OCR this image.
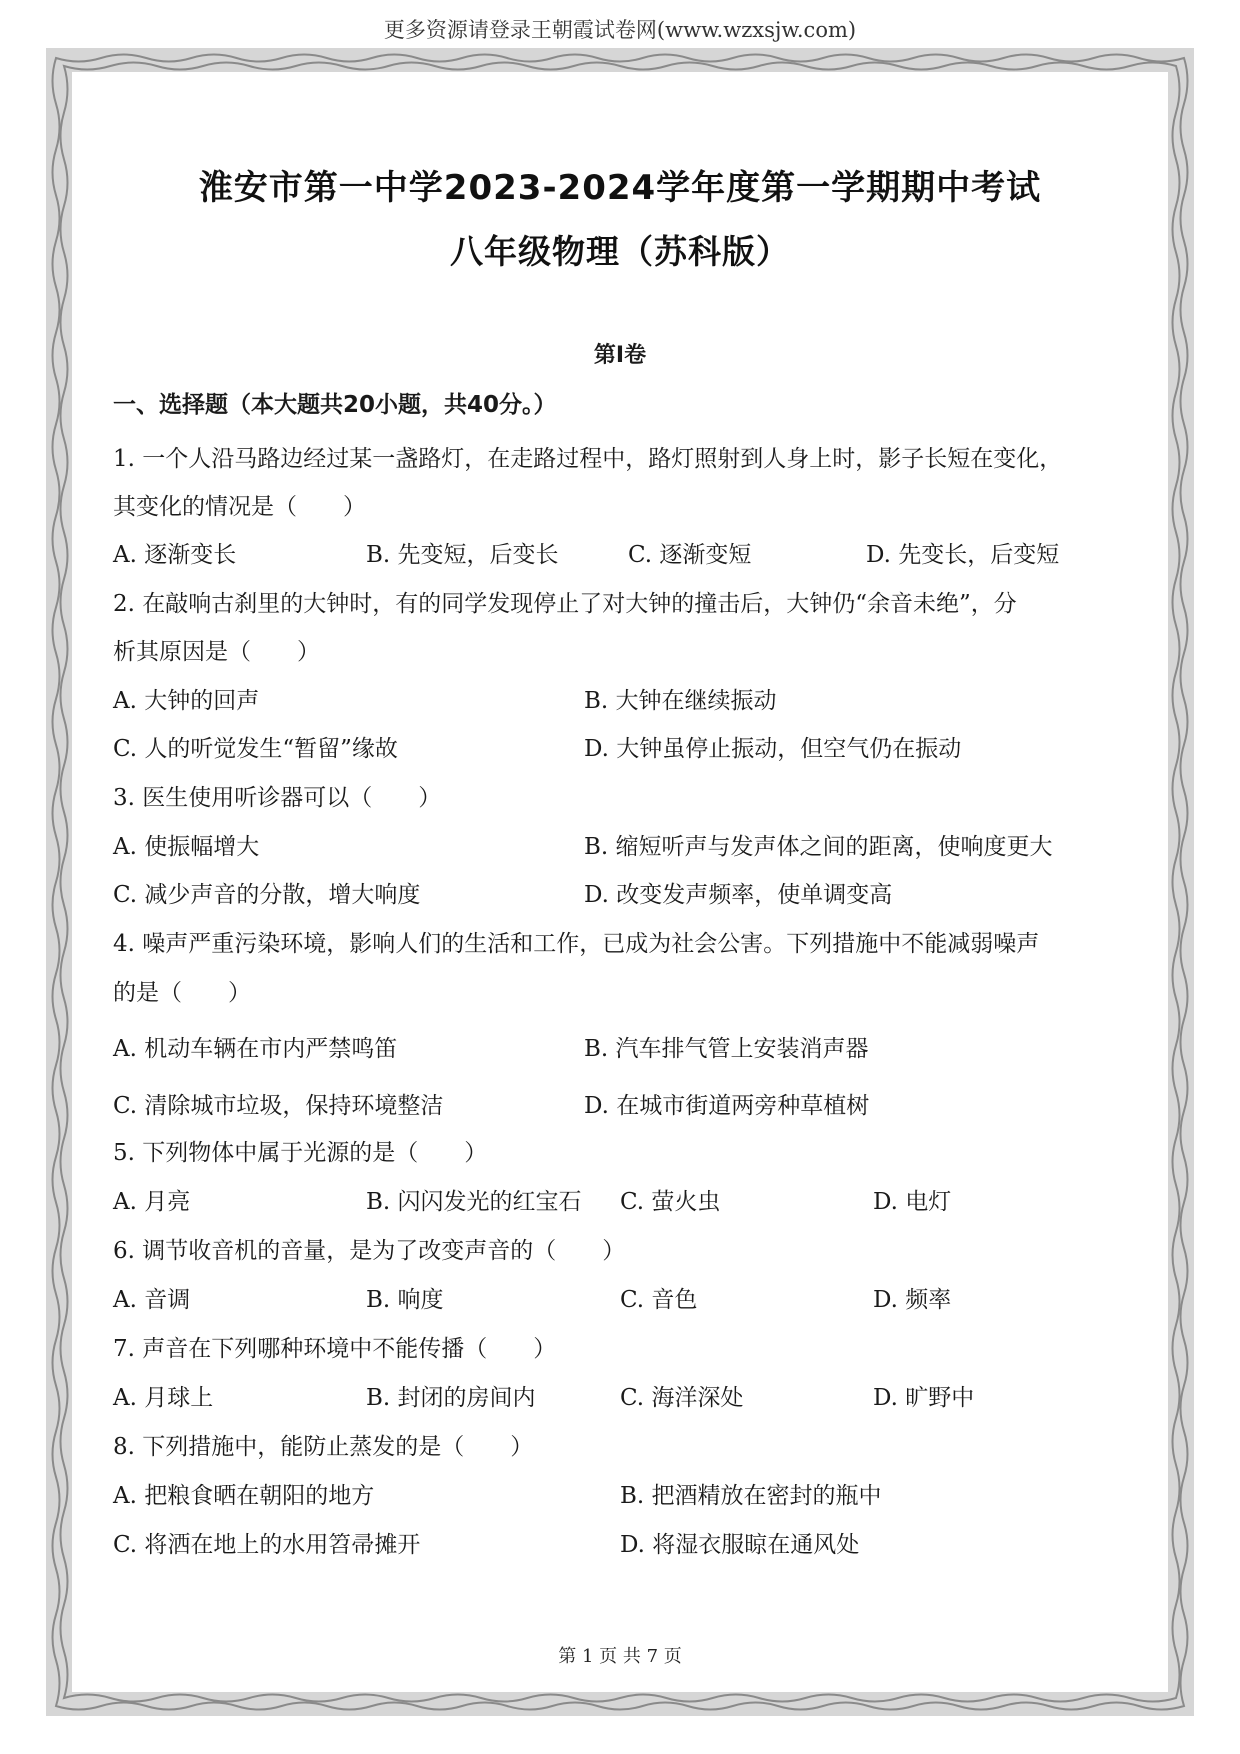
更多资源请登录王朝霞试卷网(www.wzxsjw.com)
淮安市第一中学2023-2024学年度第一学期期中考试
八年级物理（苏科版）
第Ⅰ卷
一、选择题（本大题共20小题，共40分。）
1. 一个人沿马路边经过某一盏路灯，在走路过程中，路灯照射到人身上时，影子长短在变化，
其变化的情况是（　　）
A. 逐渐变长	B. 先变短，后变长	C. 逐渐变短	D. 先变长，后变短
2. 在敲响古刹里的大钟时，有的同学发现停止了对大钟的撞击后，大钟仍“余音未绝”，分
析其原因是（　　）
A. 大钟的回声	B. 大钟在继续振动
C. 人的听觉发生“暂留”缘故	D. 大钟虽停止振动，但空气仍在振动
3. 医生使用听诊器可以（　　）
A. 使振幅增大	B. 缩短听声与发声体之间的距离，使响度更大
C. 减少声音的分散，增大响度	D. 改变发声频率，使单调变高
4. 噪声严重污染环境，影响人们的生活和工作，已成为社会公害。下列措施中不能减弱噪声
的是（　　）
A. 机动车辆在市内严禁鸣笛	B. 汽车排气管上安装消声器
C. 清除城市垃圾，保持环境整洁	D. 在城市街道两旁种草植树
5. 下列物体中属于光源的是（　　）
A. 月亮	B. 闪闪发光的红宝石 C. 萤火虫	D. 电灯
6. 调节收音机的音量，是为了改变声音的（　　）
A. 音调	B. 响度	C. 音色	D. 频率
7. 声音在下列哪种环境中不能传播（　　）
A. 月球上	B. 封闭的房间内	C. 海洋深处	D. 旷野中
8. 下列措施中，能防止蒸发的是（　　）
A. 把粮食晒在朝阳的地方	B. 把酒精放在密封的瓶中
C. 将洒在地上的水用笤帚摊开	D. 将湿衣服晾在通风处
第 1 页 共 7 页
